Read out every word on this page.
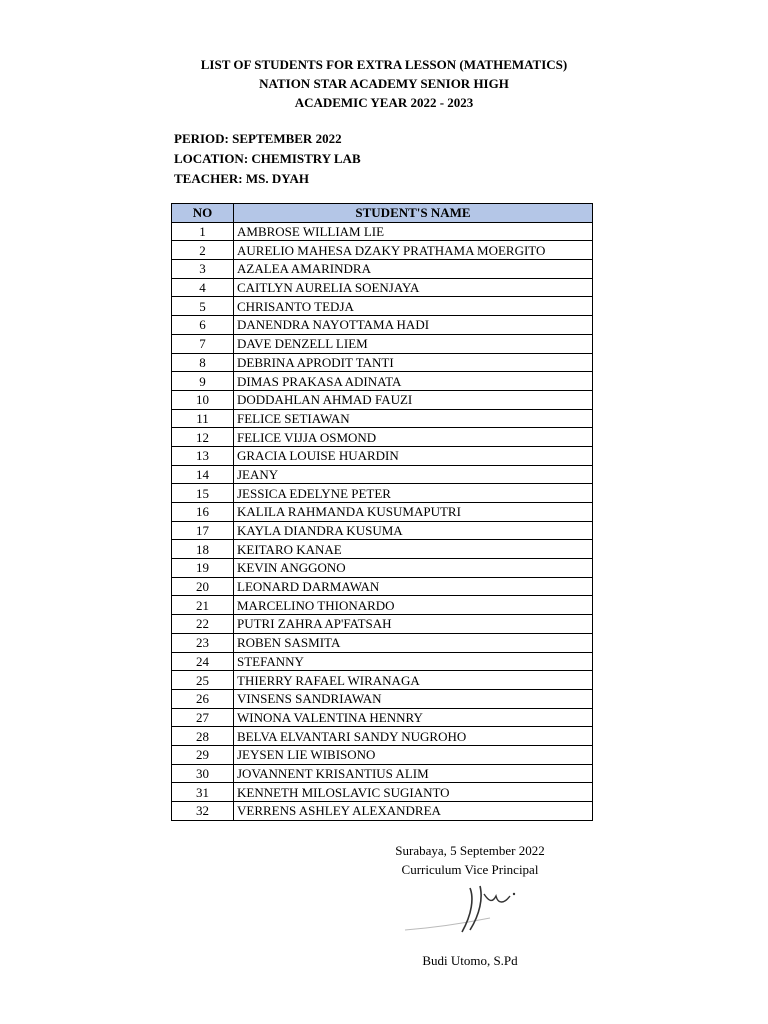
LIST OF STUDENTS FOR EXTRA LESSON (MATHEMATICS)
NATION STAR ACADEMY SENIOR HIGH
ACADEMIC YEAR 2022 - 2023
PERIOD: SEPTEMBER 2022
LOCATION: CHEMISTRY LAB
TEACHER: MS. DYAH
NO	STUDENT'S NAME
1	AMBROSE WILLIAM LIE
2	AURELIO MAHESA DZAKY PRATHAMA MOERGITO
3	AZALEA AMARINDRA
4	CAITLYN AURELIA SOENJAYA
5	CHRISANTO TEDJA
6	DANENDRA NAYOTTAMA HADI
7	DAVE DENZELL LIEM
8	DEBRINA APRODIT TANTI
9	DIMAS PRAKASA ADINATA
10	DODDAHLAN AHMAD FAUZI
11	FELICE SETIAWAN
12	FELICE VIJJA OSMOND
13	GRACIA LOUISE HUARDIN
14	JEANY
15	JESSICA EDELYNE PETER
16	KALILA RAHMANDA KUSUMAPUTRI
17	KAYLA DIANDRA KUSUMA
18	KEITARO KANAE
19	KEVIN ANGGONO
20	LEONARD DARMAWAN
21	MARCELINO THIONARDO
22	PUTRI ZAHRA AP'FATSAH
23	ROBEN SASMITA
24	STEFANNY
25	THIERRY RAFAEL WIRANAGA
26	VINSENS SANDRIAWAN
27	WINONA VALENTINA HENNRY
28	BELVA ELVANTARI SANDY NUGROHO
29	JEYSEN LIE WIBISONO
30	JOVANNENT KRISANTIUS ALIM
31	KENNETH MILOSLAVIC SUGIANTO
32	VERRENS ASHLEY ALEXANDREA
Surabaya, 5 September 2022
Curriculum Vice Principal
Budi Utomo, S.Pd
